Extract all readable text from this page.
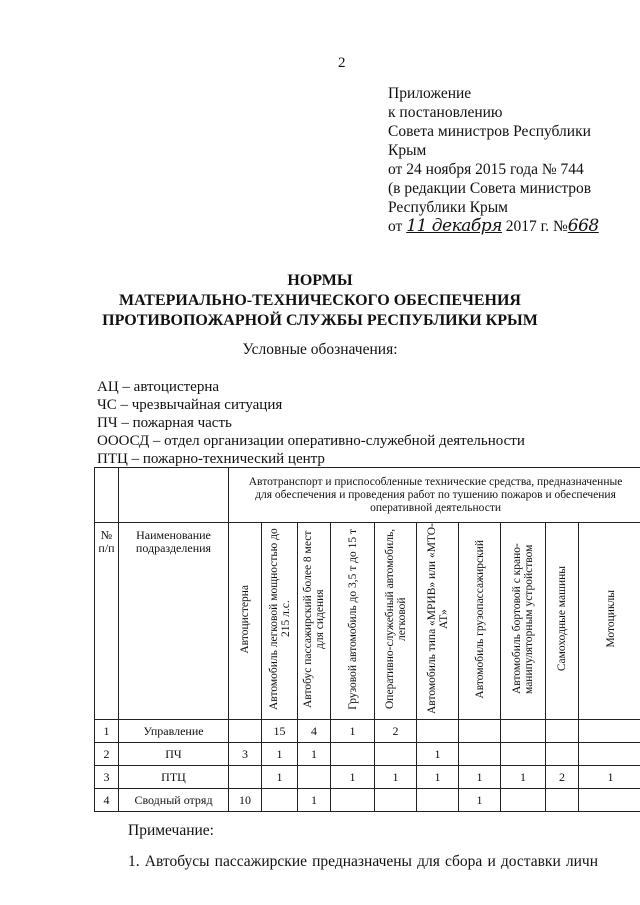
2
Приложение
к постановлению
Совета министров Республики
Крым
от 24 ноября 2015 года № 744
(в редакции Совета министров
Республики Крым
от 11 декабря 2017 г. №668
НОРМЫ
МАТЕРИАЛЬНО-ТЕХНИЧЕСКОГО ОБЕСПЕЧЕНИЯ
ПРОТИВОПОЖАРНОЙ СЛУЖБЫ РЕСПУБЛИКИ КРЫМ
Условные обозначения:
АЦ – автоцистерна
ЧС – чрезвычайная ситуация
ПЧ – пожарная часть
ОООСД – отдел организации оперативно-служебной деятельности
ПТЦ – пожарно-технический центр
		Автотранспорт и приспособленные технические средства, предназначенные для обеспечения и проведения работ по тушению пожаров и обеспечения оперативной деятельности									

№ п/п	Наименование подразделения	Автоцистерна	Автомобиль легковой мощностью до 215 л.с.	Автобус пассажирский более 8 мест для сидения	Грузовой автомобиль до 3,5 т до 15 т	Оперативно-служебный автомобиль, легковой	Автомобиль типа «МРИВ» или «МТО-АТ»	Автомобиль грузопассажирский	Автомобиль бортовой с крано-манипуляторным устройством	Самоходные машины	Мотоциклы
1	Управление		15	4	1	2					
2	ПЧ	3	1	1			1				
3	ПТЦ		1		1	1	1	1	1	2	1
4	Сводный отряд	10		1				1			
Примечание:
1. Автобусы пассажирские предназначены для сбора и доставки личн
